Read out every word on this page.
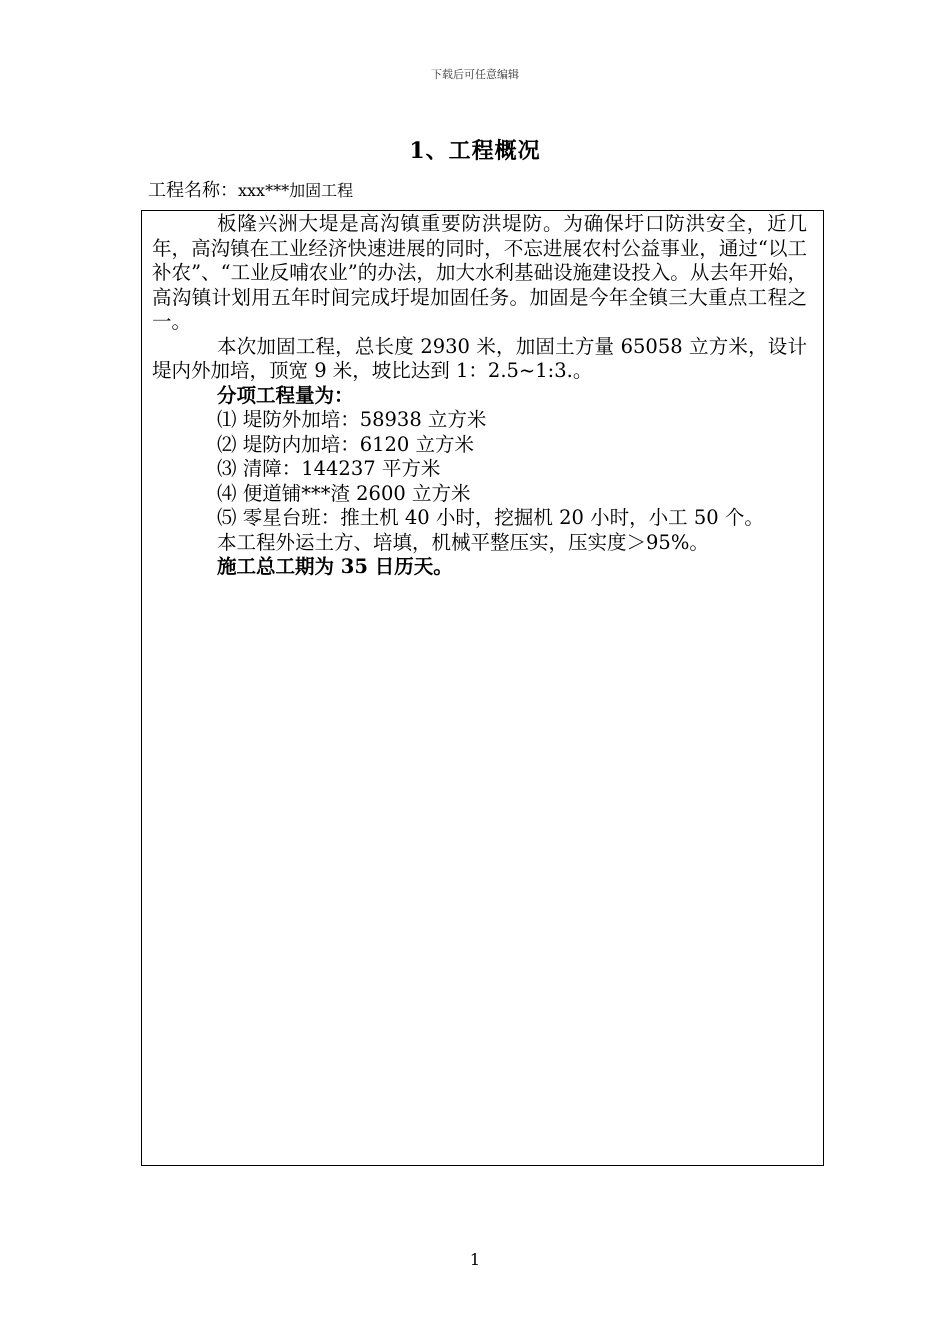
下载后可任意编辑
1、工程概况
工程名称：xxx***加固工程

板隆兴洲大堤是高沟镇重要防洪堤防。为确保圩口防洪安全，近几年，高沟镇在工业经济快速进展的同时，不忘进展农村公益事业，通过“以工补农”、“工业反哺农业”的办法，加大水利基础设施建设投入。从去年开始，高沟镇计划用五年时间完成圩堤加固任务。加固是今年全镇三大重点工程之一。

本次加固工程，总长度 2930 米，加固土方量 65058 立方米，设计堤内外加培，顶宽 9 米，坡比达到 1：2.5~1:3.。

分项工程量为：

⑴ 堤防外加培：58938 立方米

⑵ 堤防内加培：6120 立方米

⑶ 清障：144237 平方米

⑷ 便道铺***渣 2600 立方米

⑸ 零星台班：推土机 40 小时，挖掘机 20 小时，小工 50 个。

本工程外运土方、培填，机械平整压实，压实度＞95%。

施工总工期为 35 日历天。

1
